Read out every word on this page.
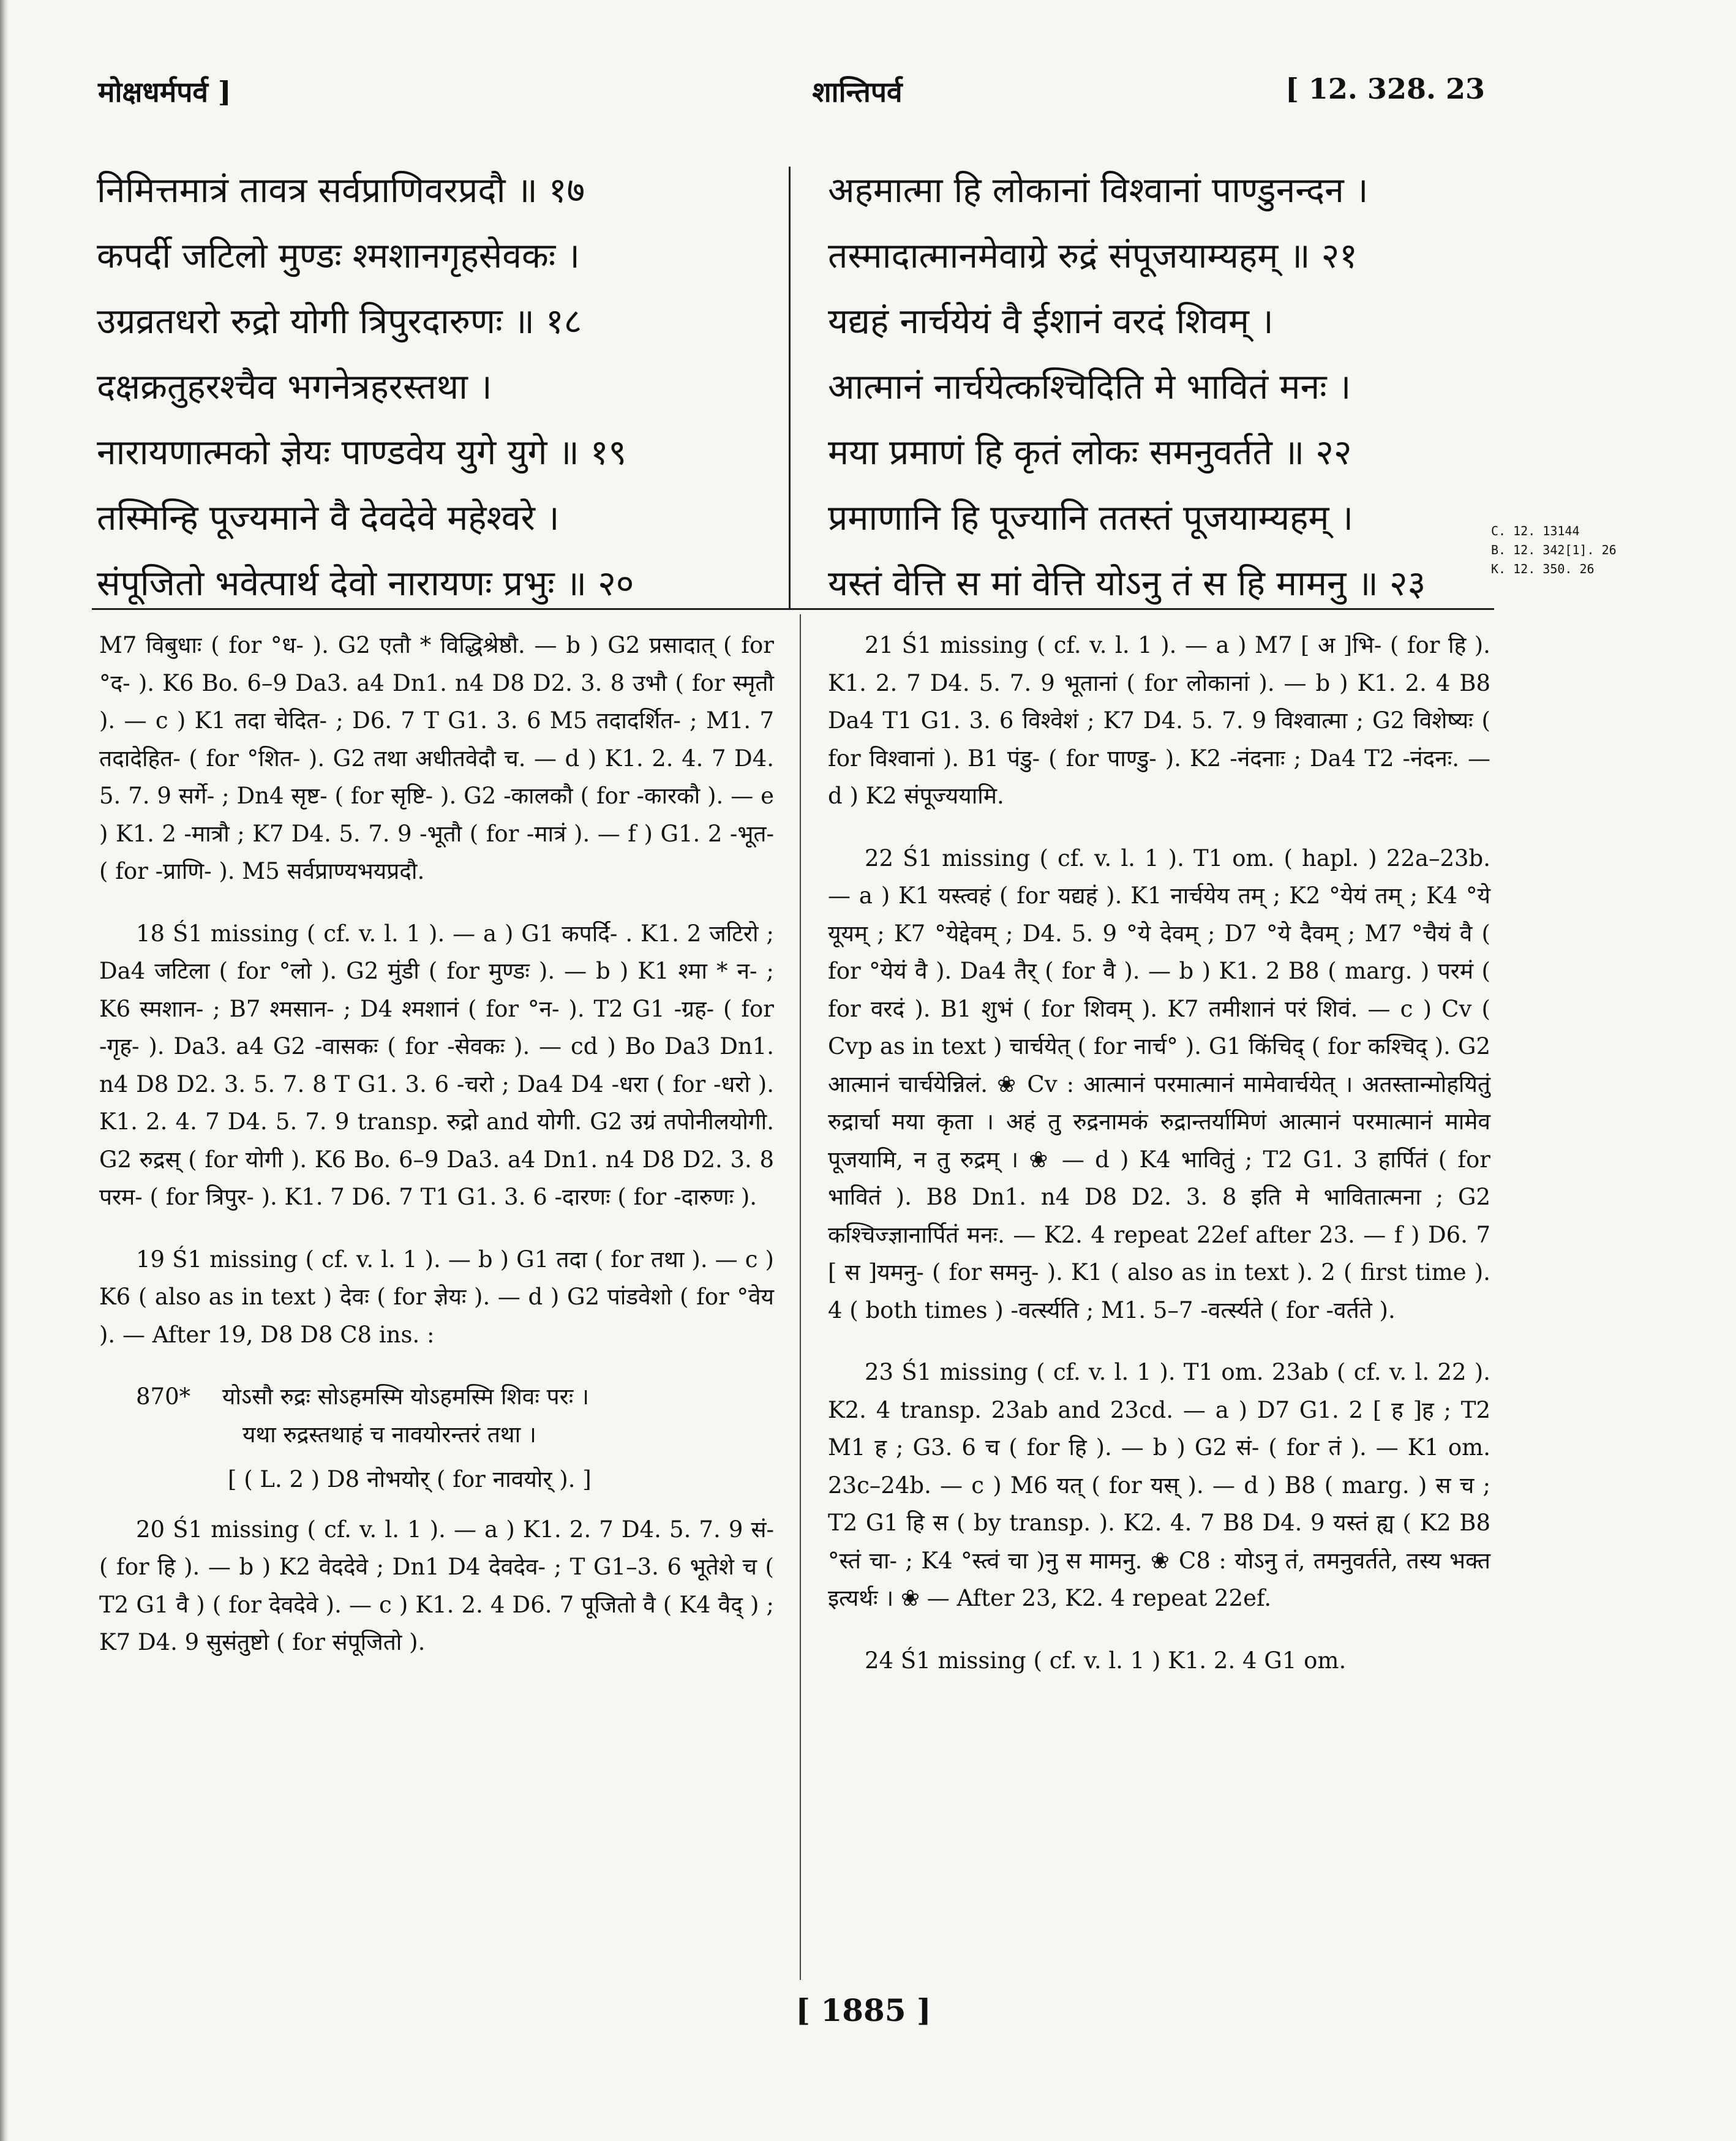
मोक्षधर्मपर्व ]	शान्तिपर्व	[ 12. 328. 23
निमित्तमात्रं तावत्र सर्वप्राणिवरप्रदौ ॥ १७
कपर्दी जटिलो मुण्डः श्मशानगृहसेवकः ।
उग्रव्रतधरो रुद्रो योगी त्रिपुरदारुणः ॥ १८
दक्षक्रतुहरश्चैव भगनेत्रहरस्तथा ।
नारायणात्मको ज्ञेयः पाण्डवेय युगे युगे ॥ १९
तस्मिन्हि पूज्यमाने वै देवदेवे महेश्वरे ।
संपूजितो भवेत्पार्थ देवो नारायणः प्रभुः ॥ २०
अहमात्मा हि लोकानां विश्वानां पाण्डुनन्दन ।
तस्मादात्मानमेवाग्रे रुद्रं संपूजयाम्यहम् ॥ २१
यद्यहं नार्चयेयं वै ईशानं वरदं शिवम् ।
आत्मानं नार्चयेत्कश्चिदिति मे भावितं मनः ।
मया प्रमाणं हि कृतं लोकः समनुवर्तते ॥ २२
प्रमाणानि हि पूज्यानि ततस्तं पूजयाम्यहम् ।
यस्तं वेत्ति स मां वेत्ति योऽनु तं स हि मामनु ॥ २३
C. 12. 13144
B. 12. 342[1]. 26
K. 12. 350. 26

M7 विबुधाः ( for °ध- ). G2 एतौ * विद्धिश्रेष्ठौ. — b ) G2 प्रसादात् ( for °द- ). K6 Bo. 6–9 Da3. a4 Dn1. n4 D8 D2. 3. 8 उभौ ( for स्मृतौ ). — c ) K1 तदा चेदित- ; D6. 7 T G1. 3. 6 M5 तदादर्शित- ; M1. 7 तदादेहित- ( for °शित- ). G2 तथा अधीतवेदौ च. — d ) K1. 2. 4. 7 D4. 5. 7. 9 सर्गे- ; Dn4 सृष्ट- ( for सृष्टि- ). G2 -कालकौ ( for -कारकौ ). — e ) K1. 2 -मात्रौ ; K7 D4. 5. 7. 9 -भूतौ ( for -मात्रं ). — f ) G1. 2 -भूत- ( for -प्राणि- ). M5 सर्वप्राण्यभयप्रदौ.

18 Ś1 missing ( cf. v. l. 1 ). — a ) G1 कपर्दि- . K1. 2 जटिरो ; Da4 जटिला ( for °लो ). G2 मुंडी ( for मुण्डः ). — b ) K1 श्मा * न- ; K6 स्मशान- ; B7 श्मसान- ; D4 श्मशानं ( for °न- ). T2 G1 -ग्रह- ( for -गृह- ). Da3. a4 G2 -वासकः ( for -सेवकः ). — cd ) Bo Da3 Dn1. n4 D8 D2. 3. 5. 7. 8 T G1. 3. 6 -चरो ; Da4 D4 -धरा ( for -धरो ). K1. 2. 4. 7 D4. 5. 7. 9 transp. रुद्रो and योगी. G2 उग्रं तपोनीलयोगी. G2 रुद्रस् ( for योगी ). K6 Bo. 6–9 Da3. a4 Dn1. n4 D8 D2. 3. 8 परम- ( for त्रिपुर- ). K1. 7 D6. 7 T1 G1. 3. 6 -दारणः ( for -दारुणः ).

19 Ś1 missing ( cf. v. l. 1 ). — b ) G1 तदा ( for तथा ). — c ) K6 ( also as in text ) देवः ( for ज्ञेयः ). — d ) G2 पांडवेशो ( for °वेय ). — After 19, D8 D8 C8 ins. :

870* योऽसौ रुद्रः सोऽहमस्मि योऽहमस्मि शिवः परः ।
यथा रुद्रस्तथाहं च नावयोरन्तरं तथा ।
[ ( L. 2 ) D8 नोभयोर् ( for नावयोर् ). ]

20 Ś1 missing ( cf. v. l. 1 ). — a ) K1. 2. 7 D4. 5. 7. 9 सं- ( for हि ). — b ) K2 वेददेवे ; Dn1 D4 देवदेव- ; T G1–3. 6 भूतेशे च ( T2 G1 वै ) ( for देवदेवे ). — c ) K1. 2. 4 D6. 7 पूजितो वै ( K4 वैद् ) ; K7 D4. 9 सुसंतुष्टो ( for संपूजितो ).

21 Ś1 missing ( cf. v. l. 1 ). — a ) M7 [ अ ]भि- ( for हि ). K1. 2. 7 D4. 5. 7. 9 भूतानां ( for लोकानां ). — b ) K1. 2. 4 B8 Da4 T1 G1. 3. 6 विश्वेशं ; K7 D4. 5. 7. 9 विश्वात्मा ; G2 विशेष्यः ( for विश्वानां ). B1 पंडु- ( for पाण्डु- ). K2 -नंदनाः ; Da4 T2 -नंदनः. — d ) K2 संपूज्ययामि.

22 Ś1 missing ( cf. v. l. 1 ). T1 om. ( hapl. ) 22a–23b. — a ) K1 यस्त्वहं ( for यद्यहं ). K1 नार्चयेय तम् ; K2 °येयं तम् ; K4 °ये यूयम् ; K7 °येद्देवम् ; D4. 5. 9 °ये देवम् ; D7 °ये दैवम् ; M7 °चैयं वै ( for °येयं वै ). Da4 तैर् ( for वै ). — b ) K1. 2 B8 ( marg. ) परमं ( for वरदं ). B1 शुभं ( for शिवम् ). K7 तमीशानं परं शिवं. — c ) Cv ( Cvp as in text ) चार्चयेत् ( for नार्च° ). G1 किंचिद् ( for कश्चिद् ). G2 आत्मानं चार्चयेन्निलं. ❀ Cv : आत्मानं परमात्मानं मामेवार्चयेत् । अतस्तान्मोहयितुं रुद्रार्चा मया कृता । अहं तु रुद्रनामकं रुद्रान्तर्यामिणं आत्मानं परमात्मानं मामेव पूजयामि, न तु रुद्रम् । ❀ — d ) K4 भावितुं ; T2 G1. 3 हार्पितं ( for भावितं ). B8 Dn1. n4 D8 D2. 3. 8 इति मे भावितात्मना ; G2 कश्चिज्ज्ञानार्पितं मनः. — K2. 4 repeat 22ef after 23. — f ) D6. 7 [ स ]यमनु- ( for समनु- ). K1 ( also as in text ). 2 ( first time ). 4 ( both times ) -वर्त्स्यति ; M1. 5–7 -वर्त्स्यते ( for -वर्तते ).

23 Ś1 missing ( cf. v. l. 1 ). T1 om. 23ab ( cf. v. l. 22 ). K2. 4 transp. 23ab and 23cd. — a ) D7 G1. 2 [ ह ]ह ; T2 M1 ह ; G3. 6 च ( for हि ). — b ) G2 सं- ( for तं ). — K1 om. 23c–24b. — c ) M6 यत् ( for यस् ). — d ) B8 ( marg. ) स च ; T2 G1 हि स ( by transp. ). K2. 4. 7 B8 D4. 9 यस्तं ह्य ( K2 B8 °स्तं चा- ; K4 °स्त्वं चा )नु स मामनु. ❀ C8 : योऽनु तं, तमनुवर्तते, तस्य भक्त इत्यर्थः । ❀ — After 23, K2. 4 repeat 22ef.

24 Ś1 missing ( cf. v. l. 1 ) K1. 2. 4 G1 om.

[ 1885 ]
